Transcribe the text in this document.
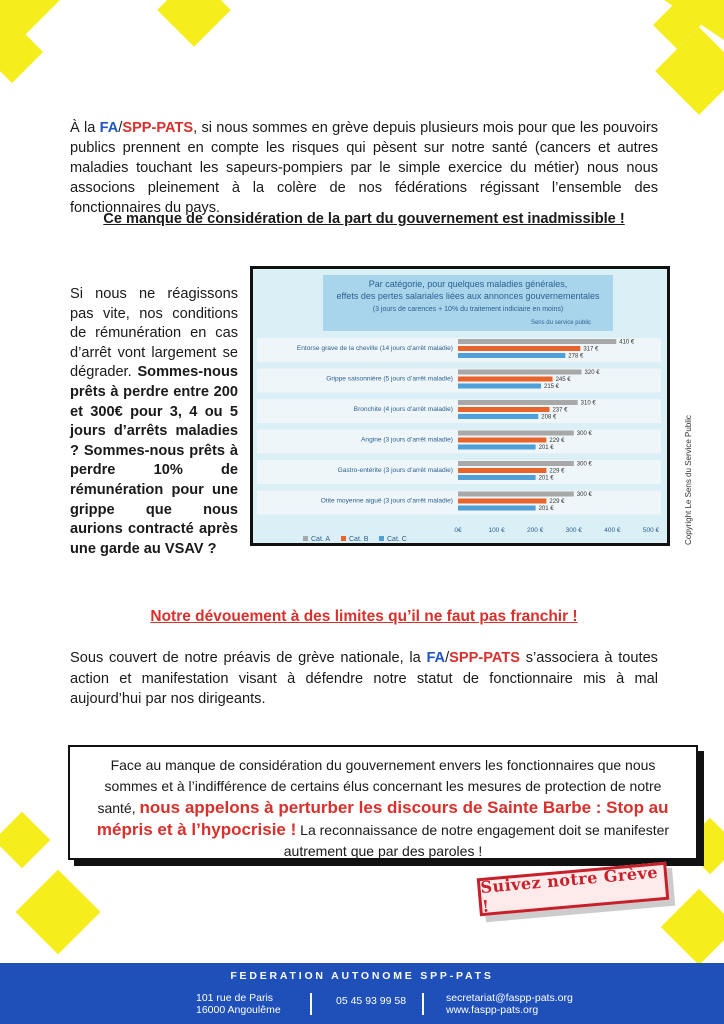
À la FA/SPP-PATS, si nous sommes en grève depuis plusieurs mois pour que les pouvoirs publics prennent en compte les risques qui pèsent sur notre santé (cancers et autres maladies touchant les sapeurs-pompiers par le simple exercice du métier) nous nous associons pleinement à la colère de nos fédérations régissant l’ensemble des fonctionnaires du pays.

Ce manque de considération de la part du gouvernement est inadmissible !

Si nous ne réagissons pas vite, nos conditions de rémunération en cas d’arrêt vont largement se dégrader. Sommes-nous prêts à perdre entre 200 et 300€ pour 3, 4 ou 5 jours d’arrêts maladies ? Sommes-nous prêts à perdre 10% de rémunération pour une grippe que nous aurions contracté après une garde au VSAV ?

Par catégorie, pour quelques maladies générales,
effets des pertes salariales liées aux annonces gouvernementales
(3 jours de carences + 10% du traitement indiciaire en moins)
Sens du service public
Entorse grave de la cheville (14 jours d’arrêt maladie)
410 €
317 €
278 €
Grippe saisonnière (5 jours d’arrêt maladie)
320 €
245 €
215 €
Bronchite (4 jours d’arrêt maladie)
310 €
237 €
208 €
Angine (3 jours d’arrêt maladie)
300 €
229 €
201 €
Gastro-entérite (3 jours d’arrêt maladie)
300 €
229 €
201 €
Otite moyenne aiguë (3 jours d’arrêt maladie)
300 €
229 €
201 €
0€	100 €	200 €	300 €	400 €	500 €
Cat. A	Cat. B	Cat. C	Copyright Le Sens du Service Public
Notre dévouement à des limites qu’il ne faut pas franchir !

Sous couvert de notre préavis de grève nationale, la FA/SPP-PATS s’associera à toutes action et manifestation visant à défendre notre statut de fonctionnaire mis à mal aujourd’hui par nos dirigeants.

Face au manque de considération du gouvernement envers les fonctionnaires que nous sommes et à l’indifférence de certains élus concernant les mesures de protection de notre santé, nous appelons à perturber les discours de Sainte Barbe : Stop au mépris et à l’hypocrisie ! La reconnaissance de notre engagement doit se manifester autrement que par des paroles !
Suivez notre Grève !
FEDERATION AUTONOME SPP-PATS
101 rue de Paris
16000 Angoulême
05 45 93 99 58	secretariat@faspp-pats.org
www.faspp-pats.org
